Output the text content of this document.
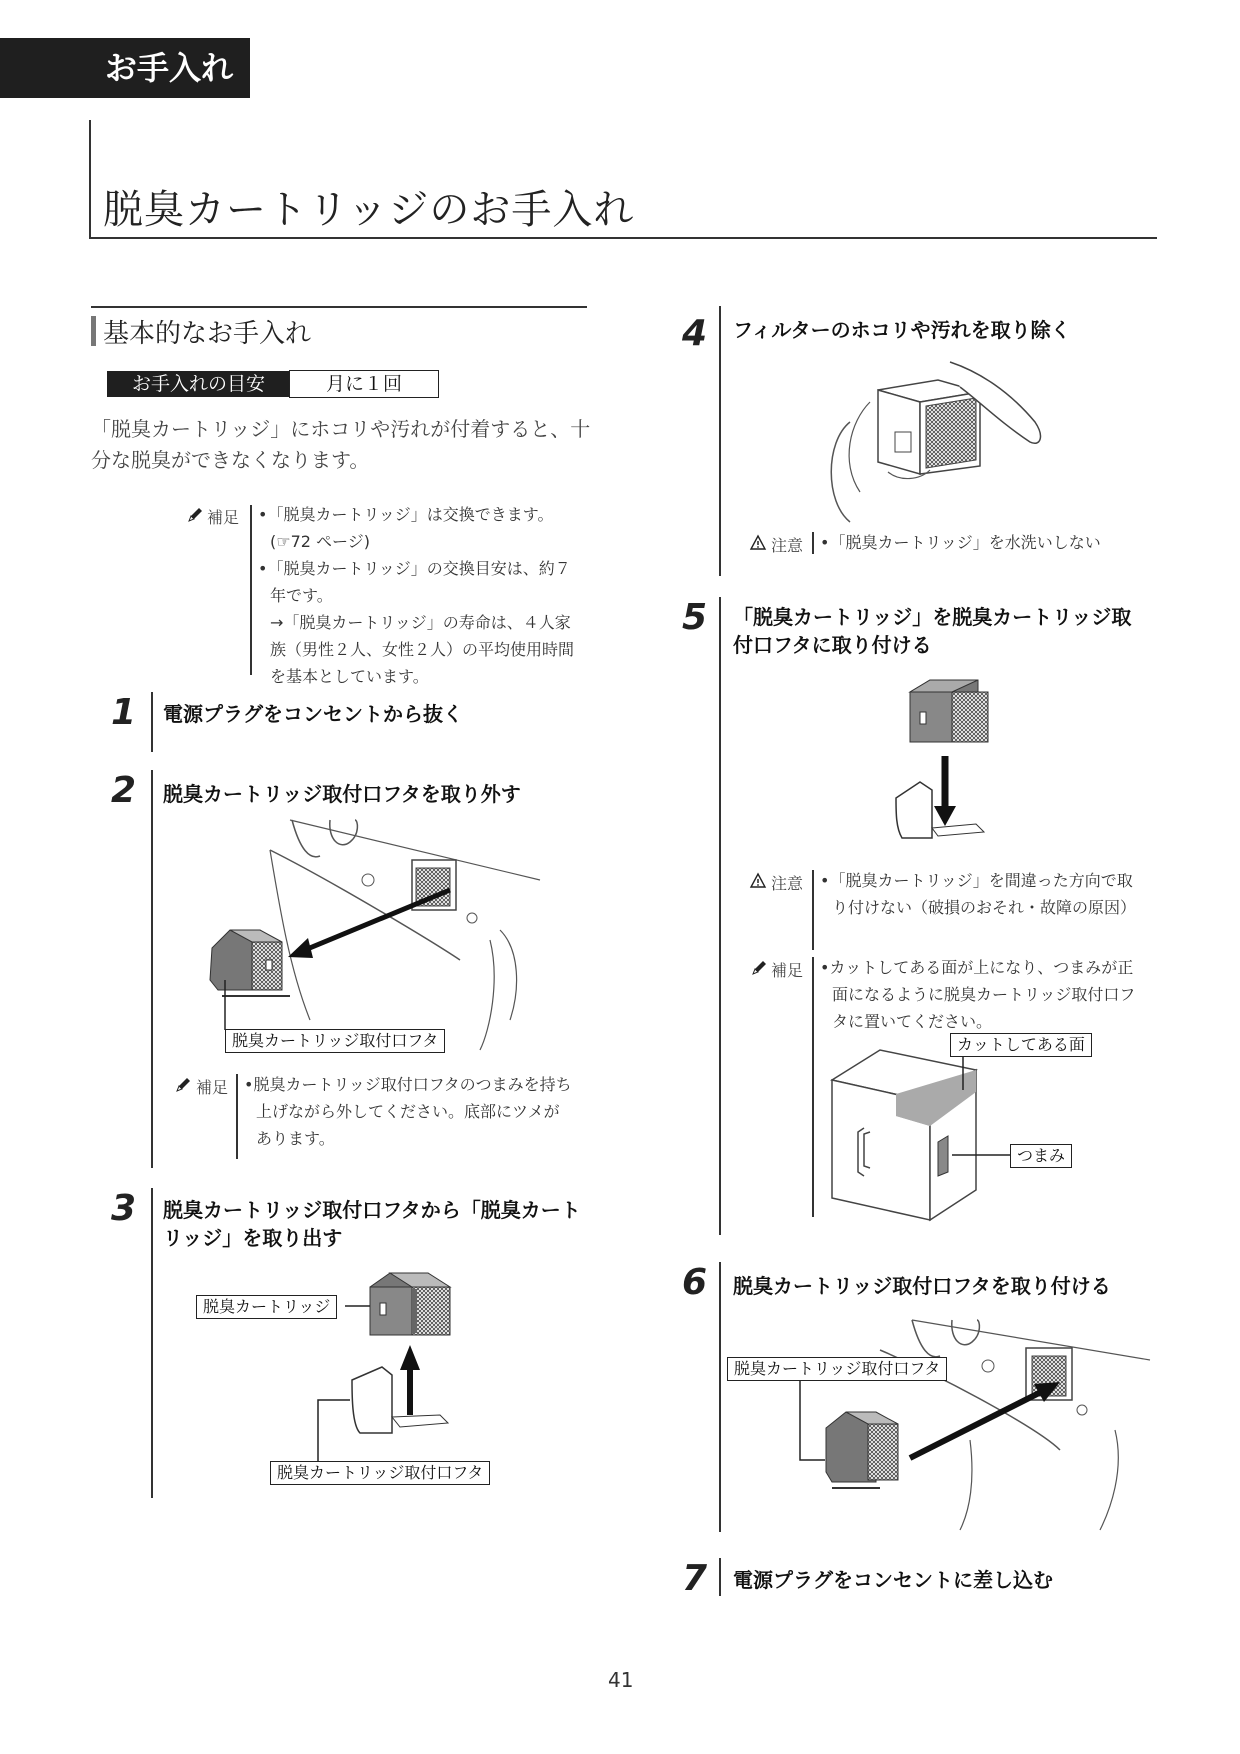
お手入れ
脱臭カートリッジのお手入れ
基本的なお手入れ
お手入れの目安	月に１回
「脱臭カートリッジ」にホコリや汚れが付着すると、十分な脱臭ができなくなります。
補足 •「脱臭カートリッジ」は交換できます。

(☞72 ページ)

•「脱臭カートリッジ」の交換目安は、約７年です。

→「脱臭カートリッジ」の寿命は、４人家族（男性２人、女性２人）の平均使用時間を基本としています。

1 電源プラグをコンセントから抜く
2 脱臭カートリッジ取付口フタを取り外す
脱臭カートリッジ取付口フタ
補足 •脱臭カートリッジ取付口フタのつまみを持ち上げながら外してください。底部にツメがあります。

3 脱臭カートリッジ取付口フタから「脱臭カートリッジ」を取り出す
脱臭カートリッジ
脱臭カートリッジ取付口フタ
4 フィルターのホコリや汚れを取り除く
注意 •「脱臭カートリッジ」を水洗いしない

5 「脱臭カートリッジ」を脱臭カートリッジ取付口フタに取り付ける
注意 •「脱臭カートリッジ」を間違った方向で取り付けない（破損のおそれ・故障の原因）

補足 •カットしてある面が上になり、つまみが正面になるように脱臭カートリッジ取付口フタに置いてください。

カットしてある面
つまみ
6 脱臭カートリッジ取付口フタを取り付ける
脱臭カートリッジ取付口フタ
7 電源プラグをコンセントに差し込む
41
